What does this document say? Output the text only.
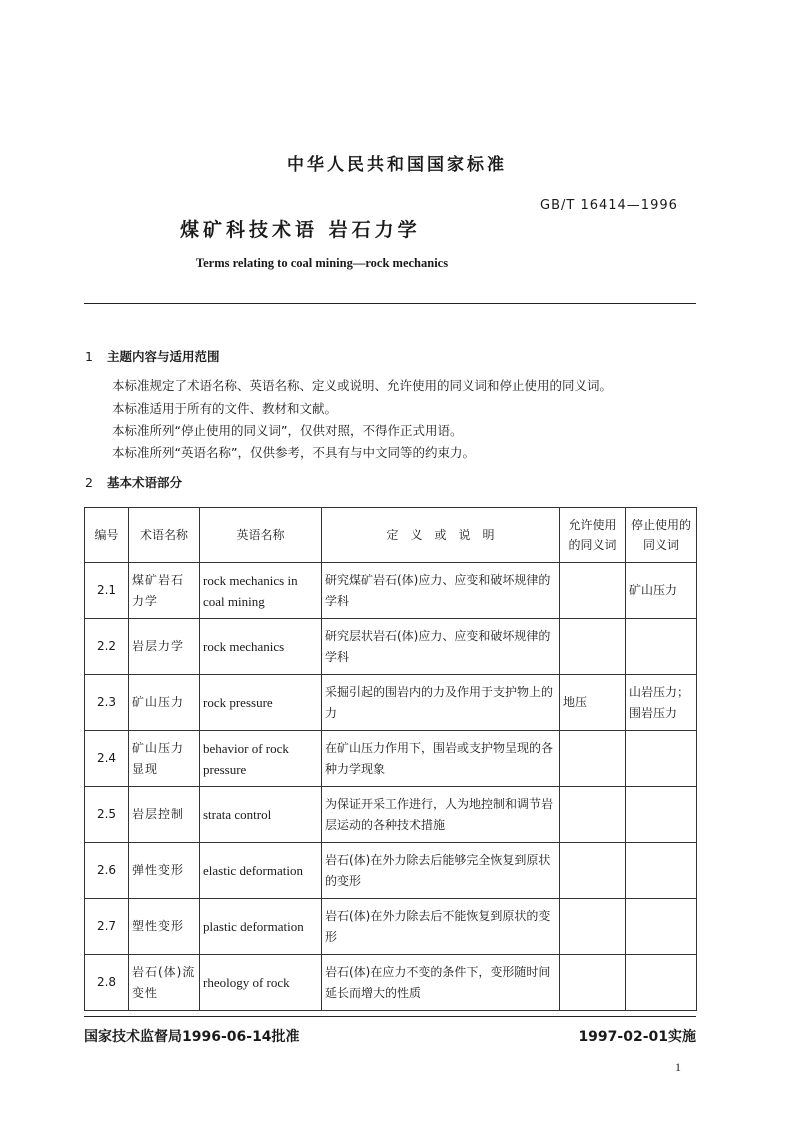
中华人民共和国国家标准
GB/T 16414—1996
煤矿科技术语 岩石力学
Terms relating to coal mining—rock mechanics
1 主题内容与适用范围
本标准规定了术语名称、英语名称、定义或说明、允许使用的同义词和停止使用的同义词。
本标准适用于所有的文件、教材和文献。
本标准所列“停止使用的同义词”，仅供对照，不得作正式用语。
本标准所列“英语名称”，仅供参考，不具有与中文同等的约束力。
2 基本术语部分
编号	术语名称	英语名称	定　义　或　说　明	允许使用的同义词	停止使用的同义词
2.1	煤矿岩石力学	rock mechanics in coal mining	研究煤矿岩石(体)应力、应变和破坏规律的学科		矿山压力
2.2	岩层力学	rock mechanics	研究层状岩石(体)应力、应变和破坏规律的学科		
2.3	矿山压力	rock pressure	采掘引起的围岩内的力及作用于支护物上的力	地压	山岩压力；围岩压力
2.4	矿山压力显现	behavior of rock pressure	在矿山压力作用下，围岩或支护物呈现的各种力学现象		
2.5	岩层控制	strata control	为保证开采工作进行，人为地控制和调节岩层运动的各种技术措施		
2.6	弹性变形	elastic deformation	岩石(体)在外力除去后能够完全恢复到原状的变形		
2.7	塑性变形	plastic deformation	岩石(体)在外力除去后不能恢复到原状的变形		
2.8	岩石(体)流变性	rheology of rock	岩石(体)在应力不变的条件下，变形随时间延长而增大的性质		
国家技术监督局1996-06-14批准	1997-02-01实施
1
